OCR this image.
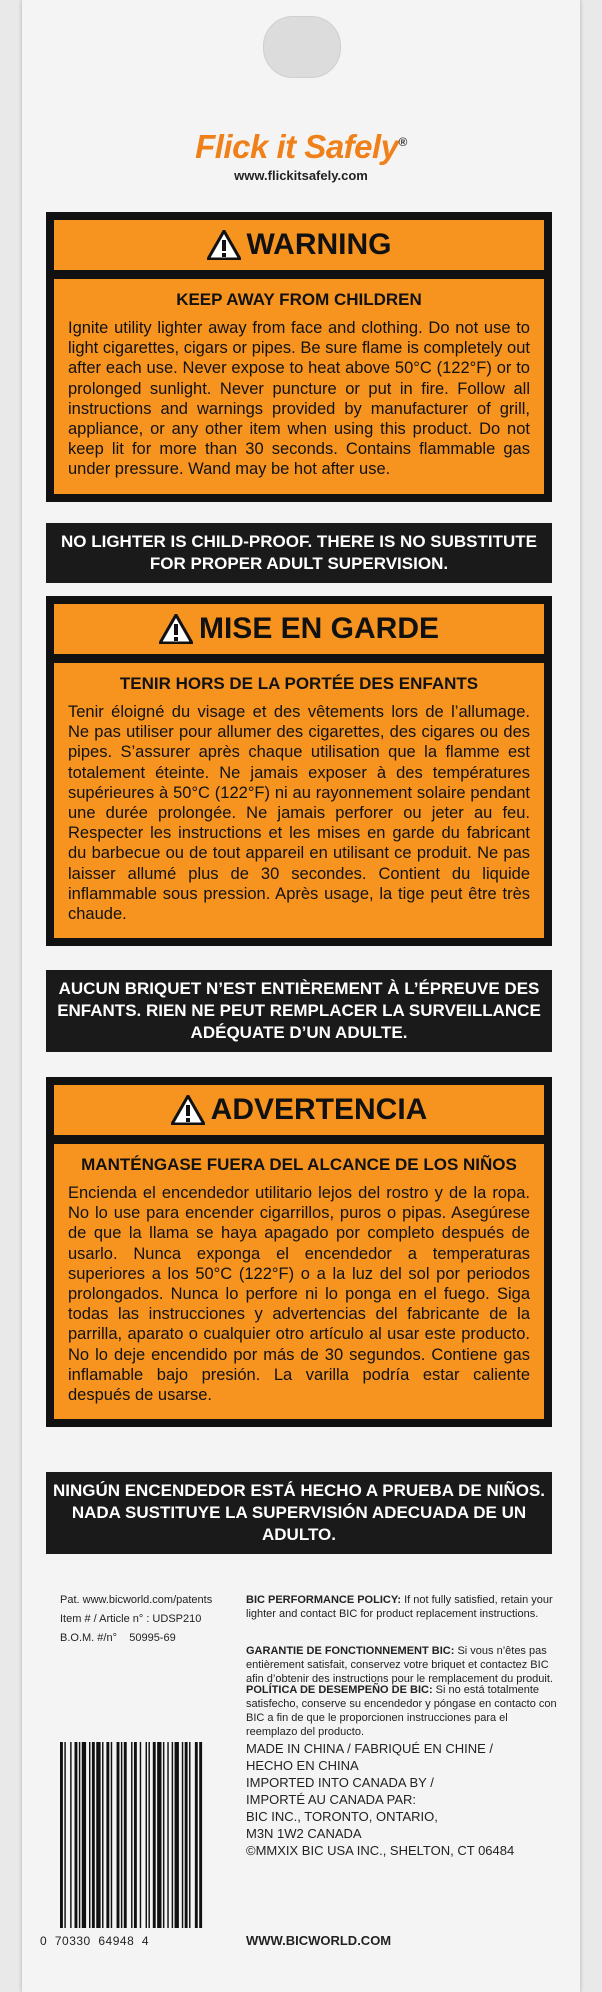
Flick it Safely®
www.flickitsafely.com
WARNING
KEEP AWAY FROM CHILDREN
Ignite utility lighter away from face and clothing. Do not use to light cigarettes, cigars or pipes. Be sure flame is completely out after each use. Never expose to heat above 50°C (122°F) or to prolonged sunlight. Never puncture or put in fire. Follow all instructions and warnings provided by manufacturer of grill, appliance, or any other item when using this product. Do not keep lit for more than 30 seconds. Contains flammable gas under pressure. Wand may be hot after use.
NO LIGHTER IS CHILD-PROOF. THERE IS NO SUBSTITUTE FOR PROPER ADULT SUPERVISION.
MISE EN GARDE
TENIR HORS DE LA PORTÉE DES ENFANTS
Tenir éloigné du visage et des vêtements lors de l’allumage. Ne pas utiliser pour allumer des cigarettes, des cigares ou des pipes. S’assurer après chaque utilisation que la flamme est totalement éteinte. Ne jamais exposer à des températures supérieures à 50°C (122°F) ni au rayonnement solaire pendant une durée prolongée. Ne jamais perforer ou jeter au feu. Respecter les instructions et les mises en garde du fabricant du barbecue ou de tout appareil en utilisant ce produit. Ne pas laisser allumé plus de 30 secondes. Contient du liquide inflammable sous pression. Après usage, la tige peut être très chaude.
AUCUN BRIQUET N’EST ENTIÈREMENT À L’ÉPREUVE DES ENFANTS. RIEN NE PEUT REMPLACER LA SURVEILLANCE ADÉQUATE D’UN ADULTE.
ADVERTENCIA
MANTÉNGASE FUERA DEL ALCANCE DE LOS NIÑOS
Encienda el encendedor utilitario lejos del rostro y de la ropa. No lo use para encender cigarrillos, puros o pipas. Asegúrese de que la llama se haya apagado por completo después de usarlo. Nunca exponga el encendedor a temperaturas superiores a los 50°C (122°F) o a la luz del sol por periodos prolongados. Nunca lo perfore ni lo ponga en el fuego. Siga todas las instrucciones y advertencias del fabricante de la parrilla, aparato o cualquier otro artículo al usar este producto. No lo deje encendido por más de 30 segundos. Contiene gas inflamable bajo presión. La varilla podría estar caliente después de usarse.
NINGÚN ENCENDEDOR ESTÁ HECHO A PRUEBA DE NIÑOS. NADA SUSTITUYE LA SUPERVISIÓN ADECUADA DE UN ADULTO.
Pat. www.bicworld.com/patents
Item # / Article n° : UDSP210
B.O.M. #/n° 50995-69
BIC PERFORMANCE POLICY: If not fully satisfied, retain your lighter and contact BIC for product replacement instructions.
GARANTIE DE FONCTIONNEMENT BIC: Si vous n’êtes pas entièrement satisfait, conservez votre briquet et contactez BIC afin d’obtenir des instructions pour le remplacement du produit.
POLÍTICA DE DESEMPEÑO DE BIC: Si no está totalmente satisfecho, conserve su encendedor y póngase en contacto con BIC a fin de que le proporcionen instrucciones para el reemplazo del producto.
0  70330  64948  4
MADE IN CHINA / FABRIQUÉ EN CHINE /
HECHO EN CHINA
IMPORTED INTO CANADA BY /
IMPORTÉ AU CANADA PAR:
BIC INC., TORONTO, ONTARIO,
M3N 1W2 CANADA
©MMXIX BIC USA INC., SHELTON, CT 06484
WWW.BICWORLD.COM
